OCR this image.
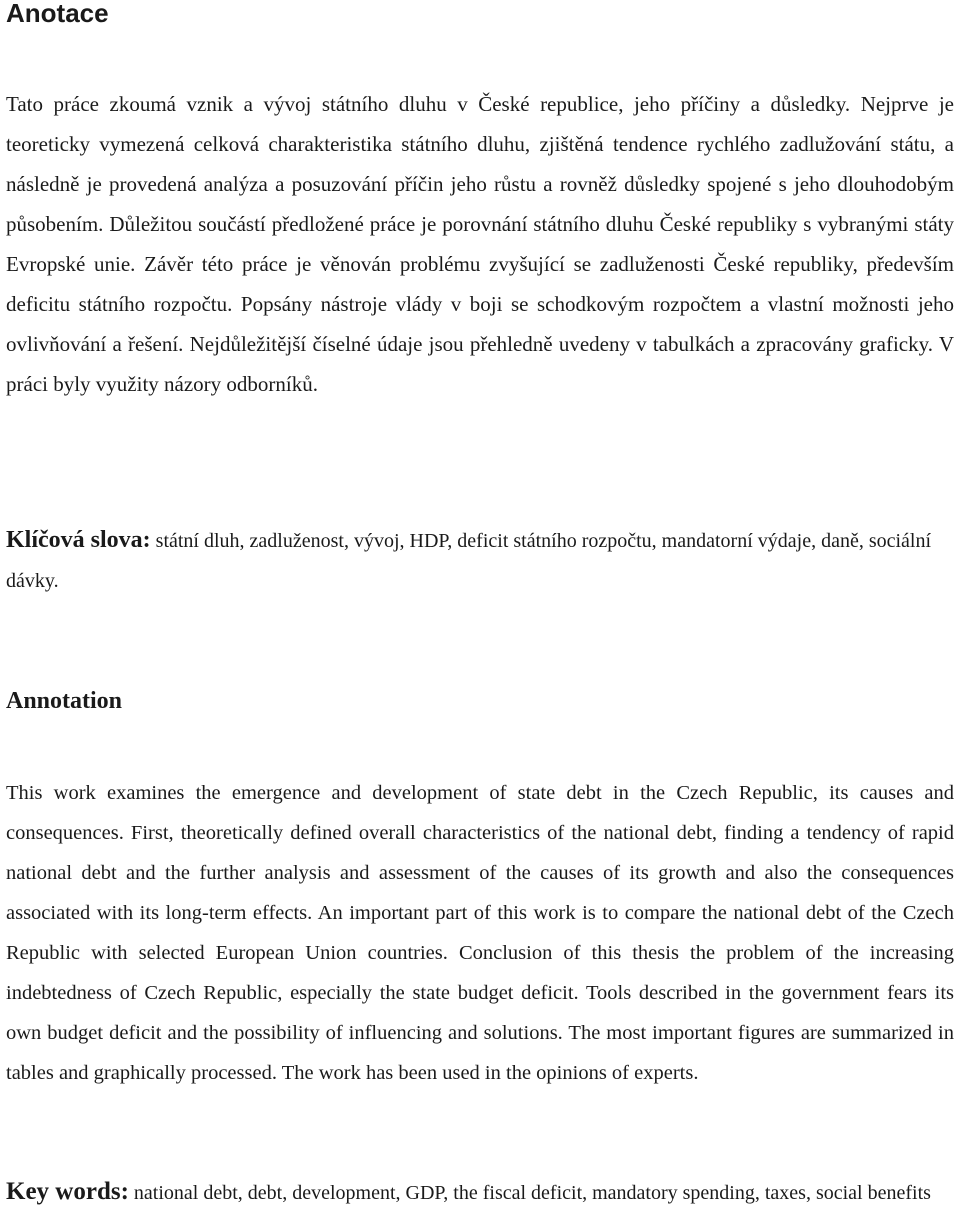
Anotace

Tato práce zkoumá vznik a vývoj státního dluhu v České republice, jeho příčiny a důsledky. Nejprve je teoreticky vymezená celková charakteristika státního dluhu, zjištěná tendence rychlého zadlužování státu, a následně je provedená analýza a posuzování příčin jeho růstu a rovněž důsledky spojené s jeho dlouhodobým působením. Důležitou součástí předložené práce je porovnání státního dluhu České republiky s vybranými státy Evropské unie. Závěr této práce je věnován problému zvyšující se zadluženosti České republiky, především deficitu státního rozpočtu. Popsány nástroje vlády v boji se schodkovým rozpočtem a vlastní možnosti jeho ovlivňování a řešení. Nejdůležitější číselné údaje jsou přehledně uvedeny v tabulkách a zpracovány graficky. V práci byly využity názory odborníků.

Klíčová slova: státní dluh, zadluženost, vývoj, HDP, deficit státního rozpočtu, mandatorní výdaje, daně, sociální dávky.

Annotation

This work examines the emergence and development of state debt in the Czech Republic, its causes and consequences. First, theoretically defined overall characteristics of the national debt, finding a tendency of rapid national debt and the further analysis and assessment of the causes of its growth and also the consequences associated with its long-term effects. An important part of this work is to compare the national debt of the Czech Republic with selected European Union countries. Conclusion of this thesis the problem of the increasing indebtedness of Czech Republic, especially the state budget deficit. Tools described in the government fears its own budget deficit and the possibility of influencing and solutions. The most important figures are summarized in tables and graphically processed. The work has been used in the opinions of experts.

Key words: national debt, debt, development, GDP, the fiscal deficit, mandatory spending, taxes, social benefits
